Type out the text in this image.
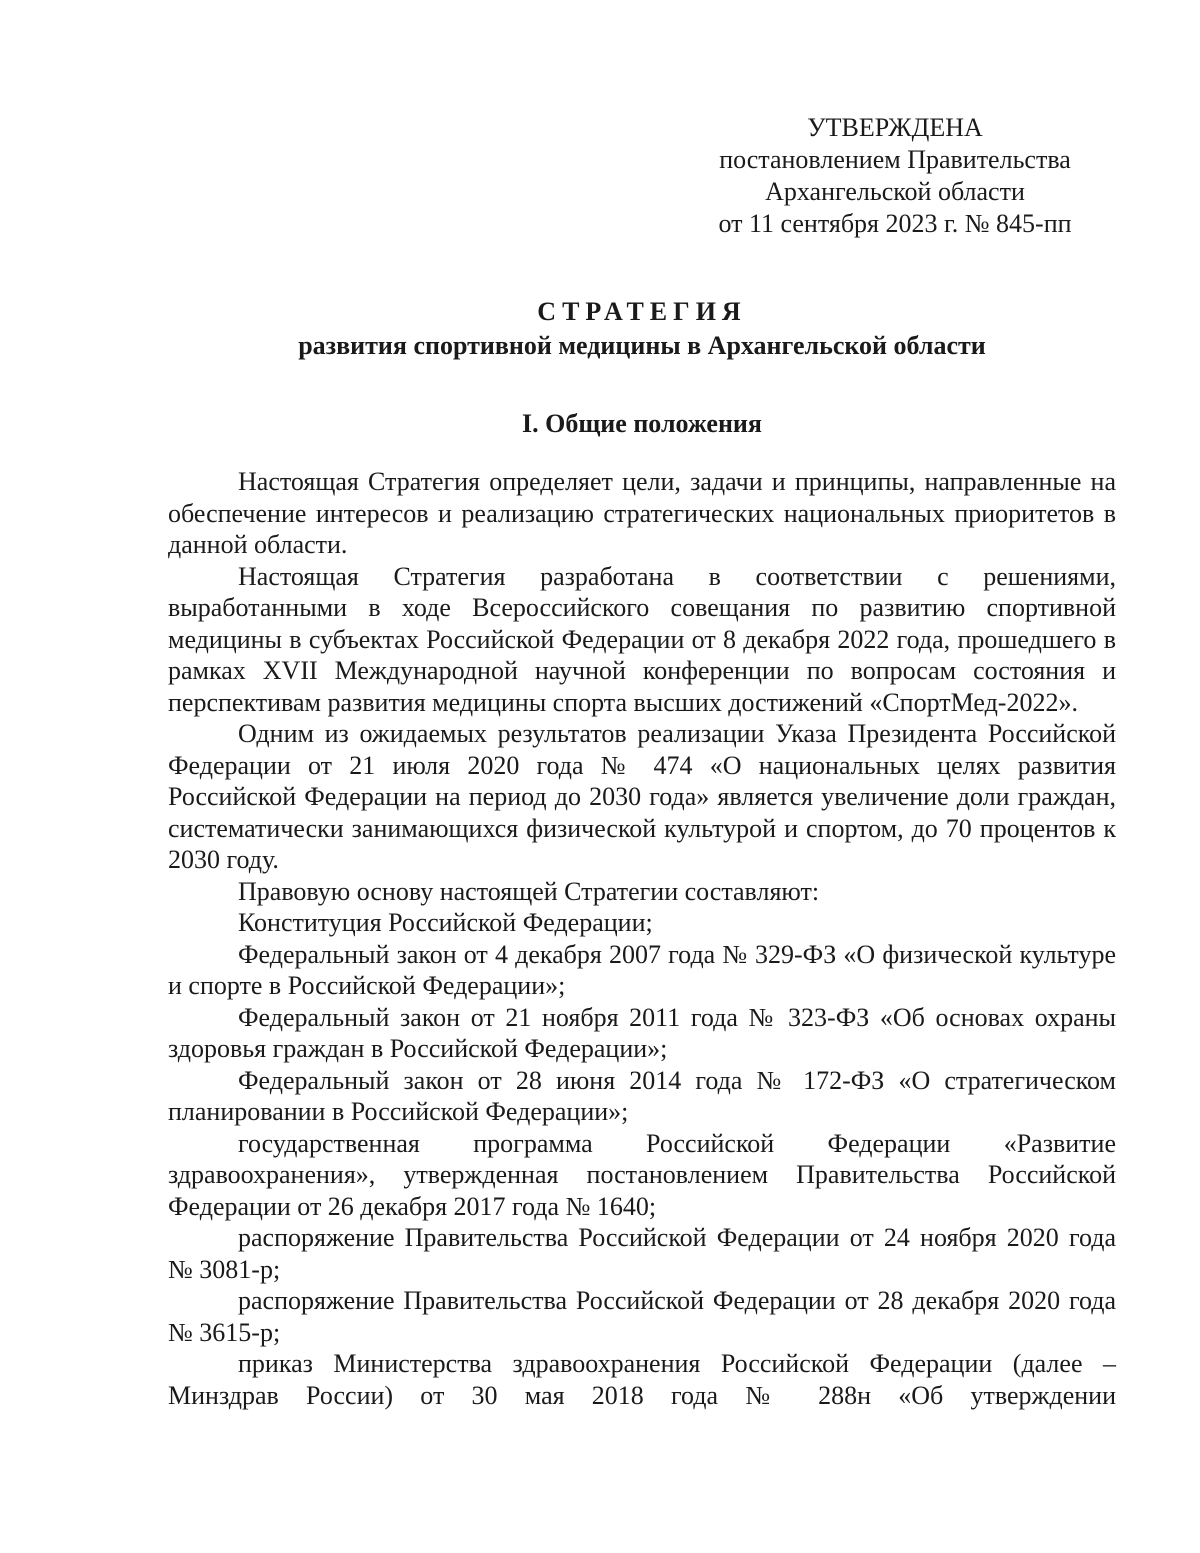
УТВЕРЖДЕНА
постановлением Правительства
Архангельской области
от 11 сентября 2023 г. № 845-пп
СТРАТЕГИЯ
развития спортивной медицины в Архангельской области
I. Общие положения

Настоящая Стратегия определяет цели, задачи и принципы, направленные на обеспечение интересов и реализацию стратегических национальных приоритетов в данной области.

Настоящая Стратегия разработана в соответствии с решениями, выработанными в ходе Всероссийского совещания по развитию спортивной медицины в субъектах Российской Федерации от 8 декабря 2022 года, прошедшего в рамках XVII Международной научной конференции по вопросам состояния и перспективам развития медицины спорта высших достижений «СпортМед-2022».

Одним из ожидаемых результатов реализации Указа Президента Российской Федерации от 21 июля 2020 года № 474 «О национальных целях развития Российской Федерации на период до 2030 года» является увеличение доли граждан, систематически занимающихся физической культурой и спортом, до 70 процентов к 2030 году.

Правовую основу настоящей Стратегии составляют:

Конституция Российской Федерации;

Федеральный закон от 4 декабря 2007 года № 329-ФЗ «О физической культуре и спорте в Российской Федерации»;

Федеральный закон от 21 ноября 2011 года № 323-ФЗ «Об основах охраны здоровья граждан в Российской Федерации»;

Федеральный закон от 28 июня 2014 года № 172-ФЗ «О стратегическом планировании в Российской Федерации»;

государственная программа Российской Федерации «Развитие здравоохранения», утвержденная постановлением Правительства Российской Федерации от 26 декабря 2017 года № 1640;

распоряжение Правительства Российской Федерации от 24 ноября 2020 года № 3081-р;

распоряжение Правительства Российской Федерации от 28 декабря 2020 года № 3615-р;

приказ Министерства здравоохранения Российской Федерации (далее – Минздрав России) от 30 мая 2018 года № 288н «Об утверждении
